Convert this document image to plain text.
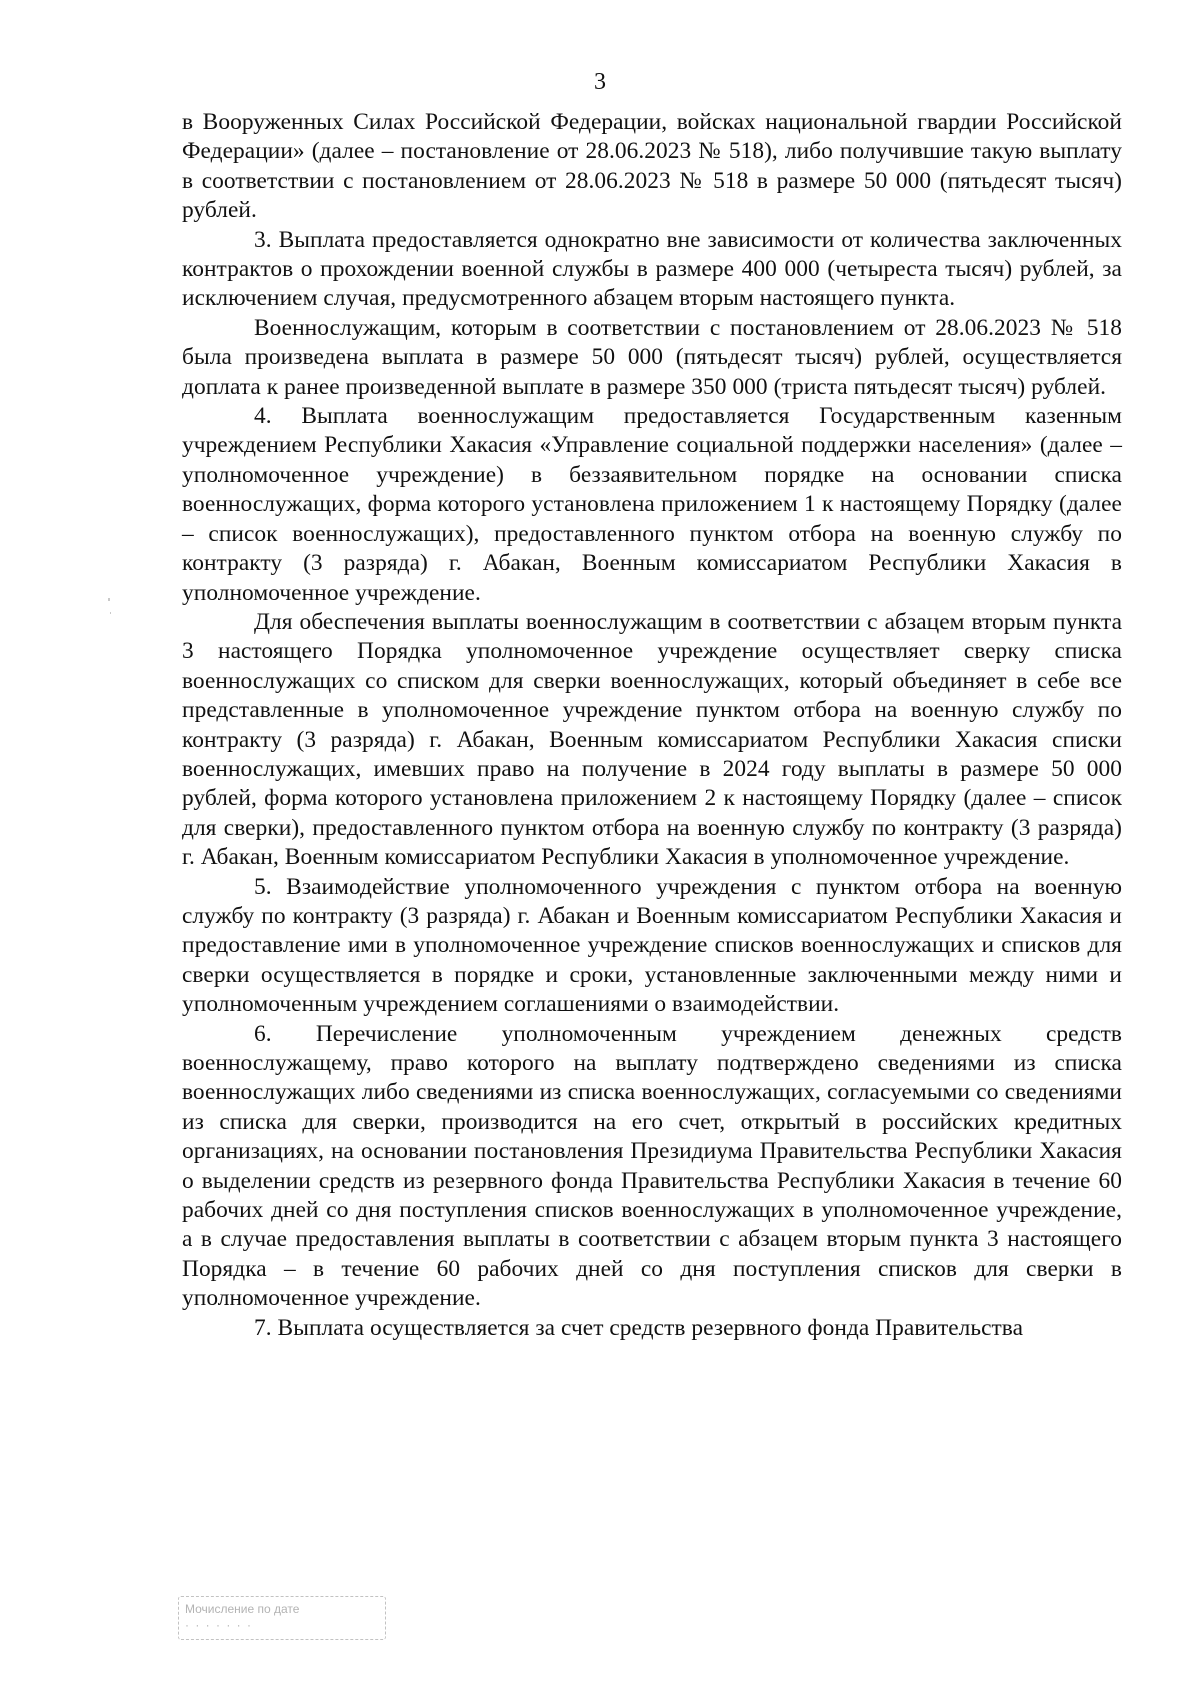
3

в Вооруженных Силах Российской Федерации, войсках национальной гвардии Российской Федерации» (далее – постановление от 28.06.2023 № 518), либо получившие такую выплату в соответствии с постановлением от 28.06.2023 № 518 в размере 50 000 (пятьдесят тысяч) рублей.

3. Выплата предоставляется однократно вне зависимости от количества заключенных контрактов о прохождении военной службы в размере 400 000 (четыреста тысяч) рублей, за исключением случая, предусмотренного абзацем вторым настоящего пункта.

Военнослужащим, которым в соответствии с постановлением от 28.06.2023 № 518 была произведена выплата в размере 50 000 (пятьдесят тысяч) рублей, осуществляется доплата к ранее произведенной выплате в размере 350 000 (триста пятьдесят тысяч) рублей.

4. Выплата военнослужащим предоставляется Государственным казенным учреждением Республики Хакасия «Управление социальной поддержки населения» (далее – уполномоченное учреждение) в беззаявительном порядке на основании списка военнослужащих, форма которого установлена приложением 1 к настоящему Порядку (далее – список военнослужащих), предоставленного пунктом отбора на военную службу по контракту (3 разряда) г. Абакан, Военным комиссариатом Республики Хакасия в уполномоченное учреждение.

Для обеспечения выплаты военнослужащим в соответствии с абзацем вторым пункта 3 настоящего Порядка уполномоченное учреждение осуществляет сверку списка военнослужащих со списком для сверки военнослужащих, который объединяет в себе все представленные в уполномоченное учреждение пунктом отбора на военную службу по контракту (3 разряда) г. Абакан, Военным комиссариатом Республики Хакасия списки военнослужащих, имевших право на получение в 2024 году выплаты в размере 50 000 рублей, форма которого установлена приложением 2 к настоящему Порядку (далее – список для сверки), предоставленного пунктом отбора на военную службу по контракту (3 разряда) г. Абакан, Военным комиссариатом Республики Хакасия в уполномоченное учреждение.

5. Взаимодействие уполномоченного учреждения с пунктом отбора на военную службу по контракту (3 разряда) г. Абакан и Военным комиссариатом Республики Хакасия и предоставление ими в уполномоченное учреждение списков военнослужащих и списков для сверки осуществляется в порядке и сроки, установленные заключенными между ними и уполномоченным учреждением соглашениями о взаимодействии.

6. Перечисление уполномоченным учреждением денежных средств военнослужащему, право которого на выплату подтверждено сведениями из списка военнослужащих либо сведениями из списка военнослужащих, согласуемыми со сведениями из списка для сверки, производится на его счет, открытый в российских кредитных организациях, на основании постановления Президиума Правительства Республики Хакасия о выделении средств из резервного фонда Правительства Республики Хакасия в течение 60 рабочих дней со дня поступления списков военнослужащих в уполномоченное учреждение, а в случае предоставления выплаты в соответствии с абзацем вторым пункта 3 настоящего Порядка – в течение 60 рабочих дней со дня поступления списков для сверки в уполномоченное учреждение.

7. Выплата осуществляется за счет средств резервного фонда Правительства

Мочисление по дате
· · · · · · ·
